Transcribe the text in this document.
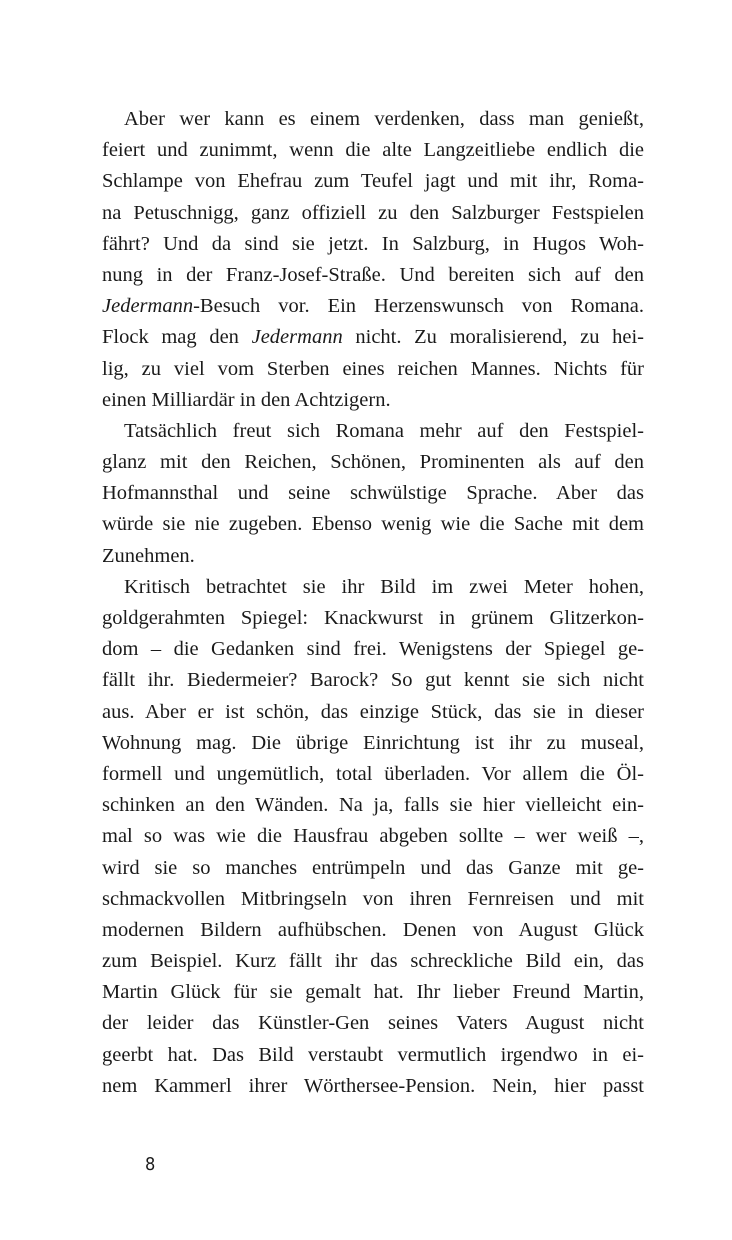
Aber wer kann es einem verdenken, dass man genießt,
feiert und zunimmt, wenn die alte Langzeitliebe endlich die
Schlampe von Ehefrau zum Teufel jagt und mit ihr, Roma-
na Petuschnigg, ganz offiziell zu den Salzburger Festspielen
fährt? Und da sind sie jetzt. In Salzburg, in Hugos Woh-
nung in der Franz-Josef-Straße. Und bereiten sich auf den
Jedermann-Besuch vor. Ein Herzenswunsch von Romana.
Flock mag den Jedermann nicht. Zu moralisierend, zu hei-
lig, zu viel vom Sterben eines reichen Mannes. Nichts für
einen Milliardär in den Achtzigern.
Tatsächlich freut sich Romana mehr auf den Festspiel-
glanz mit den Reichen, Schönen, Prominenten als auf den
Hofmannsthal und seine schwülstige Sprache. Aber das
würde sie nie zugeben. Ebenso wenig wie die Sache mit dem
Zunehmen.
Kritisch betrachtet sie ihr Bild im zwei Meter hohen,
goldgerahmten Spiegel: Knackwurst in grünem Glitzerkon-
dom – die Gedanken sind frei. Wenigstens der Spiegel ge-
fällt ihr. Biedermeier? Barock? So gut kennt sie sich nicht
aus. Aber er ist schön, das einzige Stück, das sie in dieser
Wohnung mag. Die übrige Einrichtung ist ihr zu museal,
formell und ungemütlich, total überladen. Vor allem die Öl-
schinken an den Wänden. Na ja, falls sie hier vielleicht ein-
mal so was wie die Hausfrau abgeben sollte – wer weiß –,
wird sie so manches entrümpeln und das Ganze mit ge-
schmackvollen Mitbringseln von ihren Fernreisen und mit
modernen Bildern aufhübschen. Denen von August Glück
zum Beispiel. Kurz fällt ihr das schreckliche Bild ein, das
Martin Glück für sie gemalt hat. Ihr lieber Freund Martin,
der leider das Künstler-Gen seines Vaters August nicht
geerbt hat. Das Bild verstaubt vermutlich irgendwo in ei-
nem Kammerl ihrer Wörthersee-Pension. Nein, hier passt
8
